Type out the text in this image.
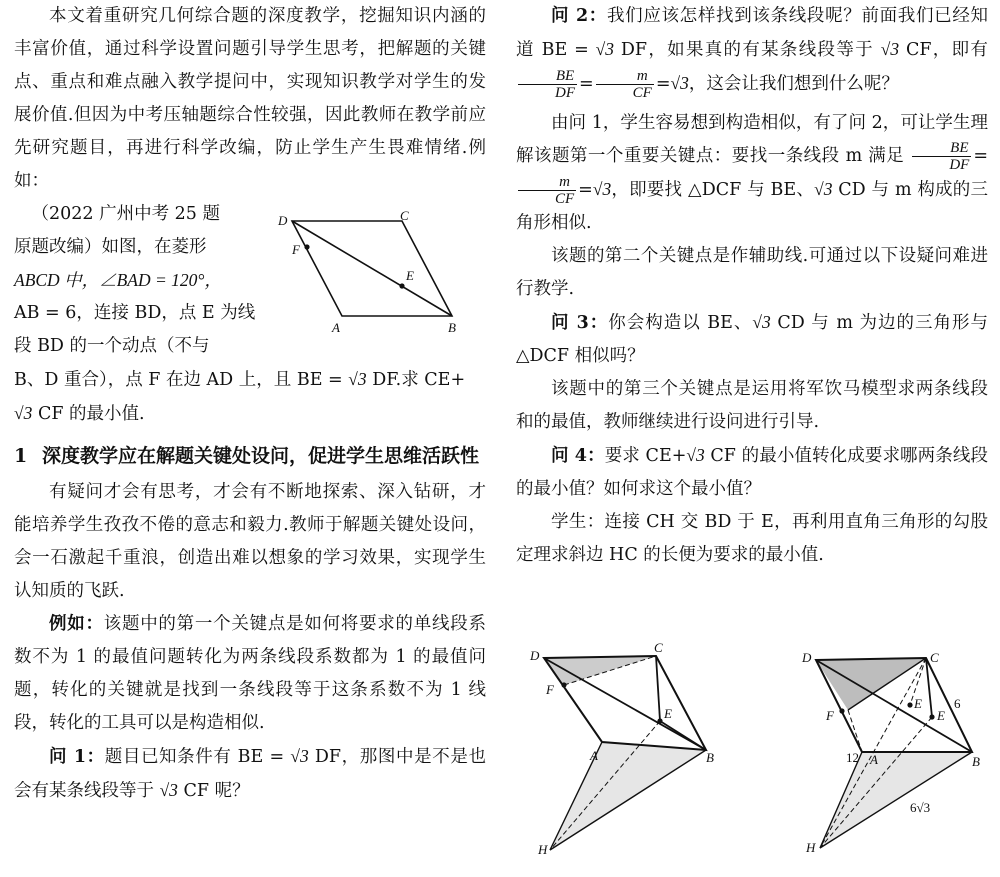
本文着重研究几何综合题的深度教学，挖掘知识内涵的丰富价值，通过科学设置问题引导学生思考，把解题的关键点、重点和难点融入教学提问中，实现知识教学对学生的发展价值.但因为中考压轴题综合性较强，因此教师在教学前应先研究题目，再进行科学改编，防止学生产生畏难情绪.例如：

（2022 广州中考 25 题

原题改编）如图，在菱形

ABCD 中，∠BAD = 120°，

AB = 6，连接 BD，点 E 为线

段 BD 的一个动点（不与

D	C
F
E
A	B

B、D 重合），点 F 在边 AD 上，且 BE = √3 DF.求 CE+
√3 CF 的最小值.

1 深度教学应在解题关键处设问，促进学生思维活跃性

有疑问才会有思考，才会有不断地探索、深入钻研，才能培养学生孜孜不倦的意志和毅力.教师于解题关键处设问，会一石激起千重浪，创造出难以想象的学习效果，实现学生认知质的飞跃.

例如：该题中的第一个关键点是如何将要求的单线段系数不为 1 的最值问题转化为两条线段系数都为 1 的最值问题，转化的关键就是找到一条线段等于这条系数不为 1 线段，转化的工具可以是构造相似.

问 1：题目已知条件有 BE = √3 DF，那图中是不是也会有某条线段等于 √3 CF 呢？

问 2：我们应该怎样找到该条线段呢？前面我们已经知道 BE = √3 DF，如果真的有某条线段等于 √3 CF，即有
$\frac{BE}{DF} = \frac{m}{CF} =√3$，这会让我们想到什么呢？

由问 1，学生容易想到构造相似，有了问 2，可让学生理解该题第一个重要关键点：要找一条线段 m 满足 $\frac{BE}{DF}$ =
$\frac{m}{CF} =√3$，即要找 △DCF 与 BE、√3 CD 与 m 构成的三角形相似.

该题的第二个关键点是作辅助线.可通过以下设疑问难进行教学.

问 3：你会构造以 BE、√3 CD 与 m 为边的三角形与 △DCF 相似吗？

该题中的第三个关键点是运用将军饮马模型求两条线段和的最值，教师继续进行设问进行引导.

问 4：要求 CE+√3 CF 的最小值转化成要求哪两条线段的最小值？如何求这个最小值？

学生：连接 CH 交 BD 于 E，再利用直角三角形的勾股定理求斜边 HC 的长便为要求的最小值.

D
C
F
E
A	B
H
D	C
F
E
E
A	B
H
6
12
6√3
